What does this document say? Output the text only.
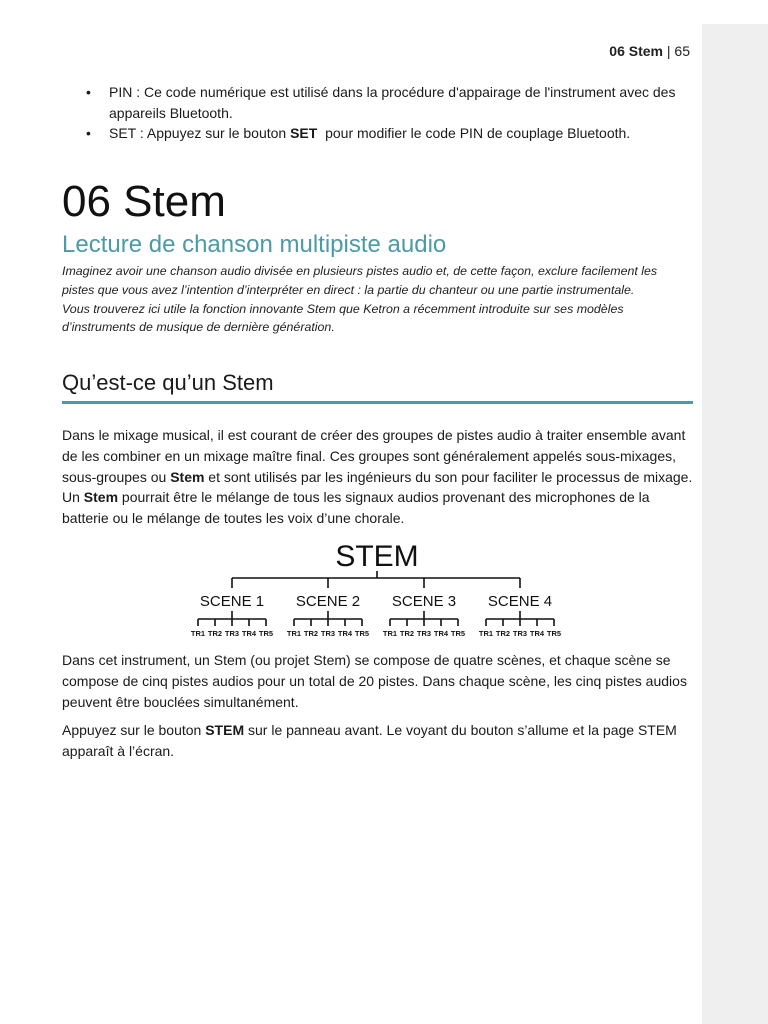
06 Stem | 65
• PIN : Ce code numérique est utilisé dans la procédure d'appairage de l'instrument avec des appareils Bluetooth.
• SET : Appuyez sur le bouton SET  pour modifier le code PIN de couplage Bluetooth.
06 Stem
Lecture de chanson multipiste audio

Imaginez avoir une chanson audio divisée en plusieurs pistes audio et, de cette façon, exclure facilement les pistes que vous avez l’intention d’interpréter en direct : la partie du chanteur ou une partie instrumentale. Vous trouverez ici utile la fonction innovante Stem que Ketron a récemment introduite sur ses modèles d’instruments de musique de dernière génération.

Qu’est-ce qu’un Stem

Dans le mixage musical, il est courant de créer des groupes de pistes audio à traiter ensemble avant de les combiner en un mixage maître final. Ces groupes sont généralement appelés sous-mixages, sous-groupes ou Stem et sont utilisés par les ingénieurs du son pour faciliter le processus de mixage. Un Stem pourrait être le mélange de tous les signaux audios provenant des microphones de la batterie ou le mélange de toutes les voix d’une chorale.

STEM
SCENE 1
TR1 TR2 TR3 TR4 TR5
SCENE 2
TR1 TR2 TR3 TR4 TR5
SCENE 3
TR1 TR2 TR3 TR4 TR5
SCENE 4
TR1 TR2 TR3 TR4 TR5

Dans cet instrument, un Stem (ou projet Stem) se compose de quatre scènes, et chaque scène se compose de cinq pistes audios pour un total de 20 pistes. Dans chaque scène, les cinq pistes audios peuvent être bouclées simultanément.

Appuyez sur le bouton STEM sur le panneau avant. Le voyant du bouton s’allume et la page STEM apparaît à l’écran.
